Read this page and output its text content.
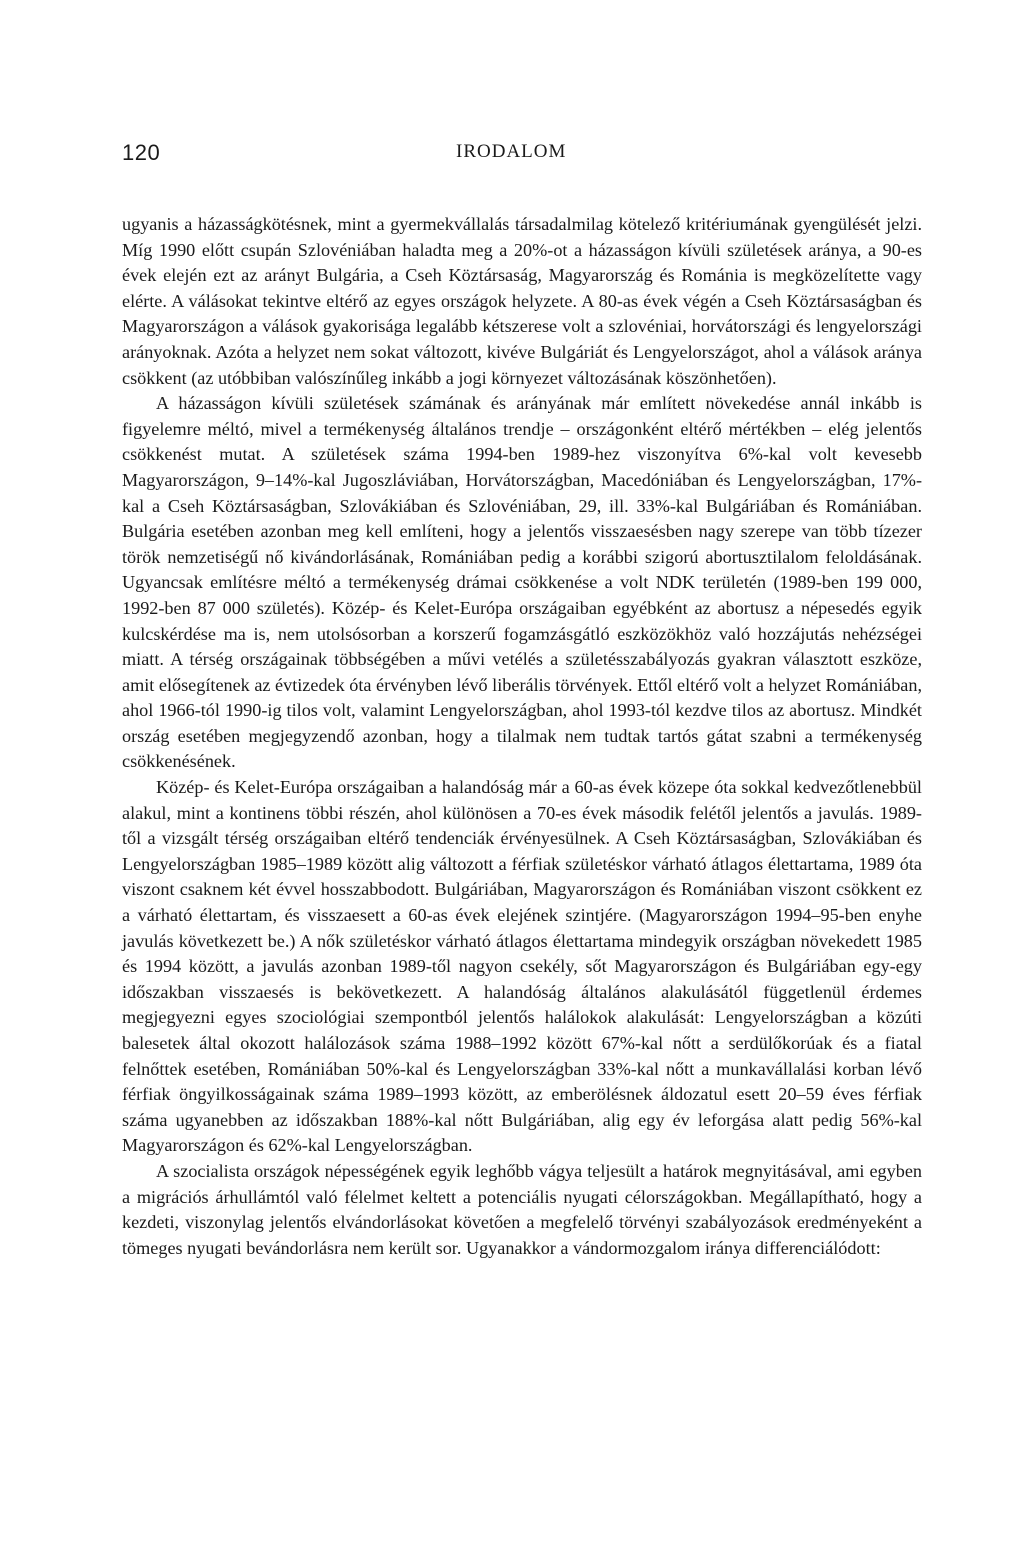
120	IRODALOM

ugyanis a házasságkötésnek, mint a gyermekvállalás társadalmilag kötelező kritériumának gyengülését jelzi. Míg 1990 előtt csupán Szlovéniában haladta meg a 20%-ot a házasságon kívüli születések aránya, a 90-es évek elején ezt az arányt Bulgária, a Cseh Köztársaság, Magyarország és Románia is megközelítette vagy elérte. A válásokat tekintve eltérő az egyes országok helyzete. A 80-as évek végén a Cseh Köztársaságban és Magyarországon a válások gyakorisága legalább kétszerese volt a szlovéniai, horvátországi és lengyelországi arányoknak. Azóta a helyzet nem sokat változott, kivéve Bulgáriát és Lengyelországot, ahol a válások aránya csökkent (az utóbbiban valószínűleg inkább a jogi környezet változásának köszönhetően).

A házasságon kívüli születések számának és arányának már említett növekedése annál inkább is figyelemre méltó, mivel a termékenység általános trendje – országonként eltérő mértékben – elég jelentős csökkenést mutat. A születések száma 1994-ben 1989-hez viszonyítva 6%-kal volt kevesebb Magyarországon, 9–14%-kal Jugoszláviában, Horvátországban, Macedóniában és Lengyelországban, 17%-kal a Cseh Köztársaságban, Szlovákiában és Szlovéniában, 29, ill. 33%-kal Bulgáriában és Romániában. Bulgária esetében azonban meg kell említeni, hogy a jelentős visszaesésben nagy szerepe van több tízezer török nemzetiségű nő kivándorlásának, Romániában pedig a korábbi szigorú abortusztilalom feloldásának. Ugyancsak említésre méltó a termékenység drámai csökkenése a volt NDK területén (1989-ben 199 000, 1992-ben 87 000 születés). Közép- és Kelet-Európa országaiban egyébként az abortusz a népesedés egyik kulcskérdése ma is, nem utolsósorban a korszerű fogamzásgátló eszközökhöz való hozzájutás nehézségei miatt. A térség országainak többségében a művi vetélés a születésszabályozás gyakran választott eszköze, amit elősegítenek az évtizedek óta érvényben lévő liberális törvények. Ettől eltérő volt a helyzet Romániában, ahol 1966-tól 1990-ig tilos volt, valamint Lengyelországban, ahol 1993-tól kezdve tilos az abortusz. Mindkét ország esetében megjegyzendő azonban, hogy a tilalmak nem tudtak tartós gátat szabni a termékenység csökkenésének.

Közép- és Kelet-Európa országaiban a halandóság már a 60-as évek közepe óta sokkal kedvezőtlenebbül alakul, mint a kontinens többi részén, ahol különösen a 70-es évek második felétől jelentős a javulás. 1989-től a vizsgált térség országaiban eltérő tendenciák érvényesülnek. A Cseh Köztársaságban, Szlovákiában és Lengyelországban 1985–1989 között alig változott a férfiak születéskor várható átlagos élettartama, 1989 óta viszont csaknem két évvel hosszabbodott. Bulgáriában, Magyarországon és Romániában viszont csökkent ez a várható élettartam, és visszaesett a 60-as évek elejének szintjére. (Magyarországon 1994–95-ben enyhe javulás következett be.) A nők születéskor várható átlagos élettartama mindegyik országban növekedett 1985 és 1994 között, a javulás azonban 1989-től nagyon csekély, sőt Magyarországon és Bulgáriában egy-egy időszakban visszaesés is bekövetkezett. A halandóság általános alakulásától függetlenül érdemes megjegyezni egyes szociológiai szempontból jelentős halálokok alakulását: Lengyelországban a közúti balesetek által okozott halálozások száma 1988–1992 között 67%-kal nőtt a serdülőkorúak és a fiatal felnőttek esetében, Romániában 50%-kal és Lengyelországban 33%-kal nőtt a munkavállalási korban lévő férfiak öngyilkosságainak száma 1989–1993 között, az emberölésnek áldozatul esett 20–59 éves férfiak száma ugyanebben az időszakban 188%-kal nőtt Bulgáriában, alig egy év leforgása alatt pedig 56%-kal Magyarországon és 62%-kal Lengyelországban.

A szocialista országok népességének egyik leghőbb vágya teljesült a határok megnyitásával, ami egyben a migrációs árhullámtól való félelmet keltett a potenciális nyugati célországokban. Megállapítható, hogy a kezdeti, viszonylag jelentős elvándorlásokat követően a megfelelő törvényi szabályozások eredményeként a tömeges nyugati bevándorlásra nem került sor. Ugyanakkor a vándormozgalom iránya differenciálódott:
